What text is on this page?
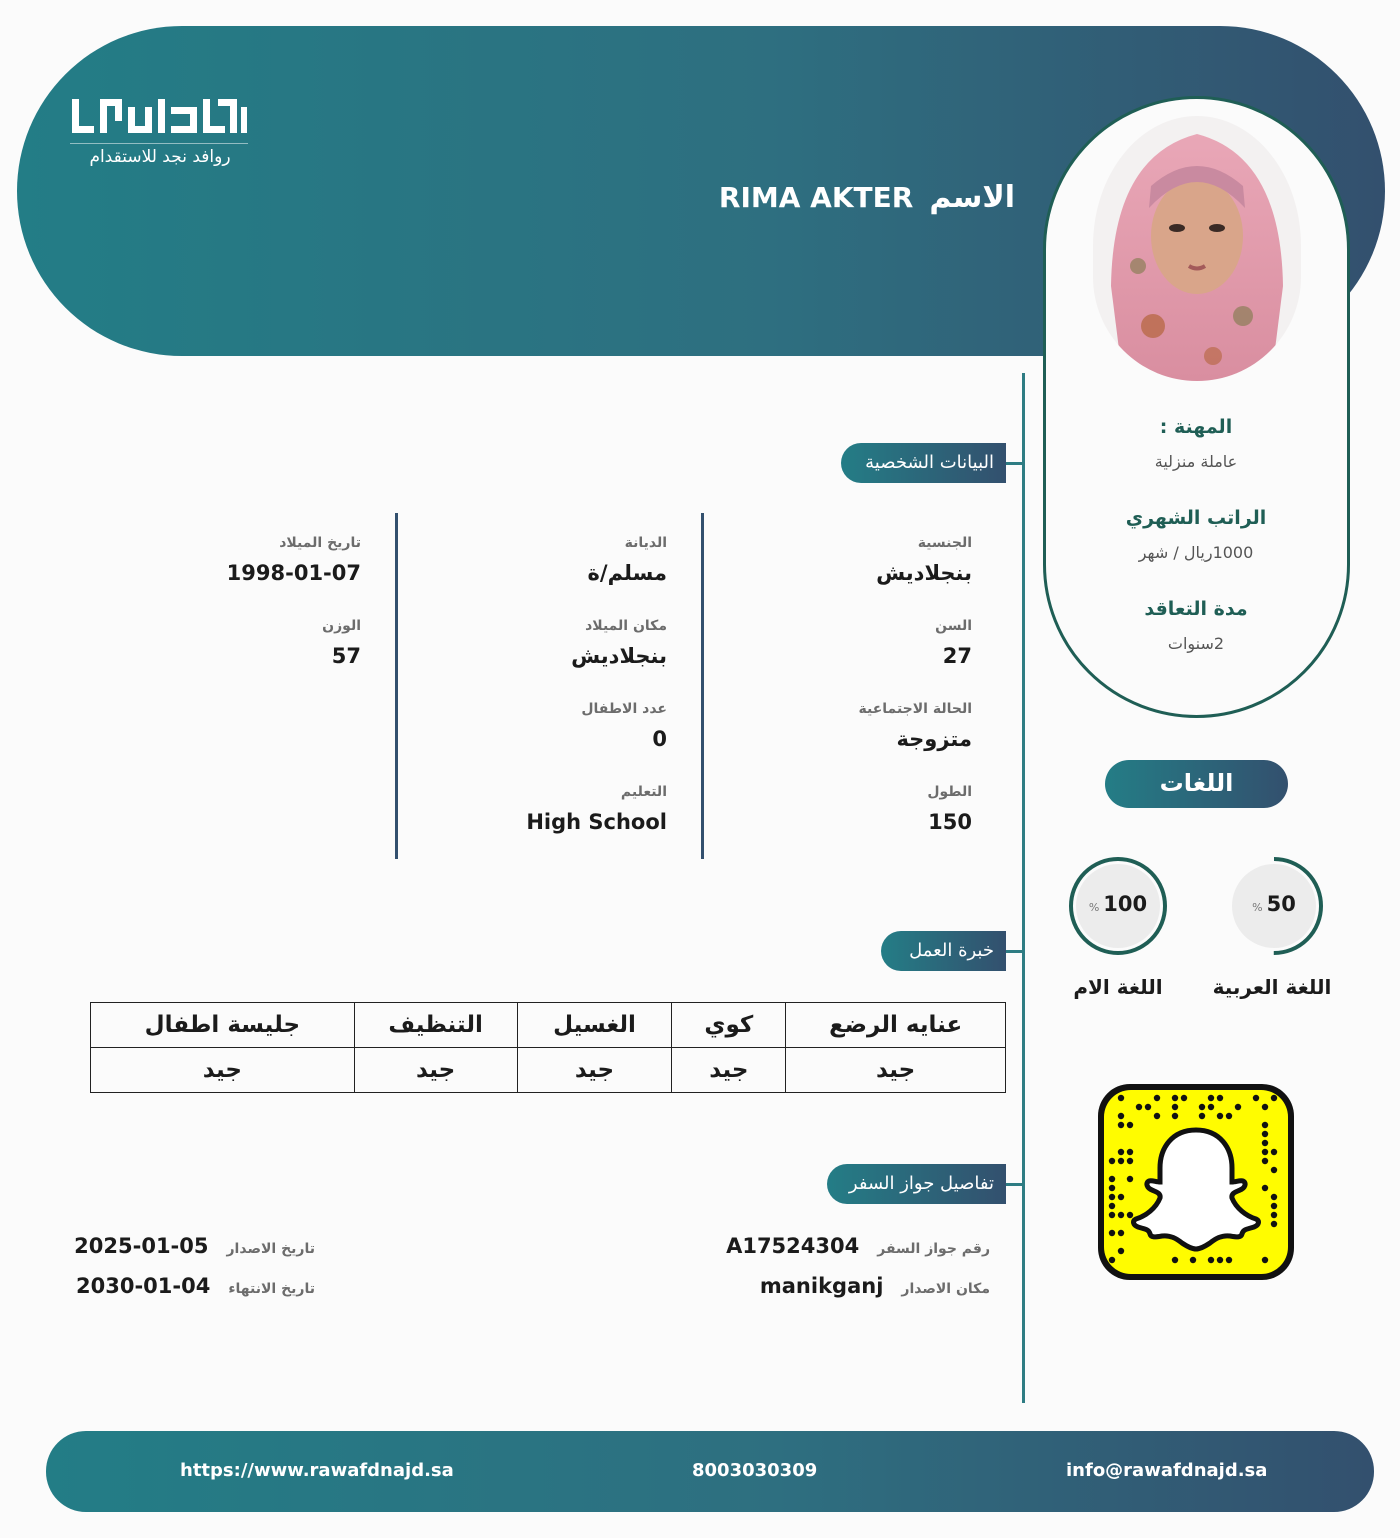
روافد نجد للاستقدام
الاسم
RIMA AKTER
المهنة :
عاملة منزلية
الراتب الشهري
1000ريال / شهر
مدة التعاقد
2سنوات
البيانات الشخصية
الجنسية
بنجلاديش
السن
27
الحالة الاجتماعية
متزوجة
الطول
150
الديانة
مسلم/ة
مكان الميلاد
بنجلاديش
عدد الاطفال
0
التعليم
High School
تاريخ الميلاد
1998-01-07
الوزن
57
خبرة العمل
عنايه الرضع	كوي	الغسيل	التنظيف	جليسة اطفال
جيد	جيد	جيد	جيد	جيد
تفاصيل جواز السفر
رقم جواز السفر
A17524304
مكان الاصدار
manikganj
تاريخ الاصدار
2025-01-05
تاريخ الانتهاء
2030-01-04
اللغات
% 50
اللغة العربية
% 100
اللغة الام
info@rawafdnajd.sa
8003030309
https://www.rawafdnajd.sa
